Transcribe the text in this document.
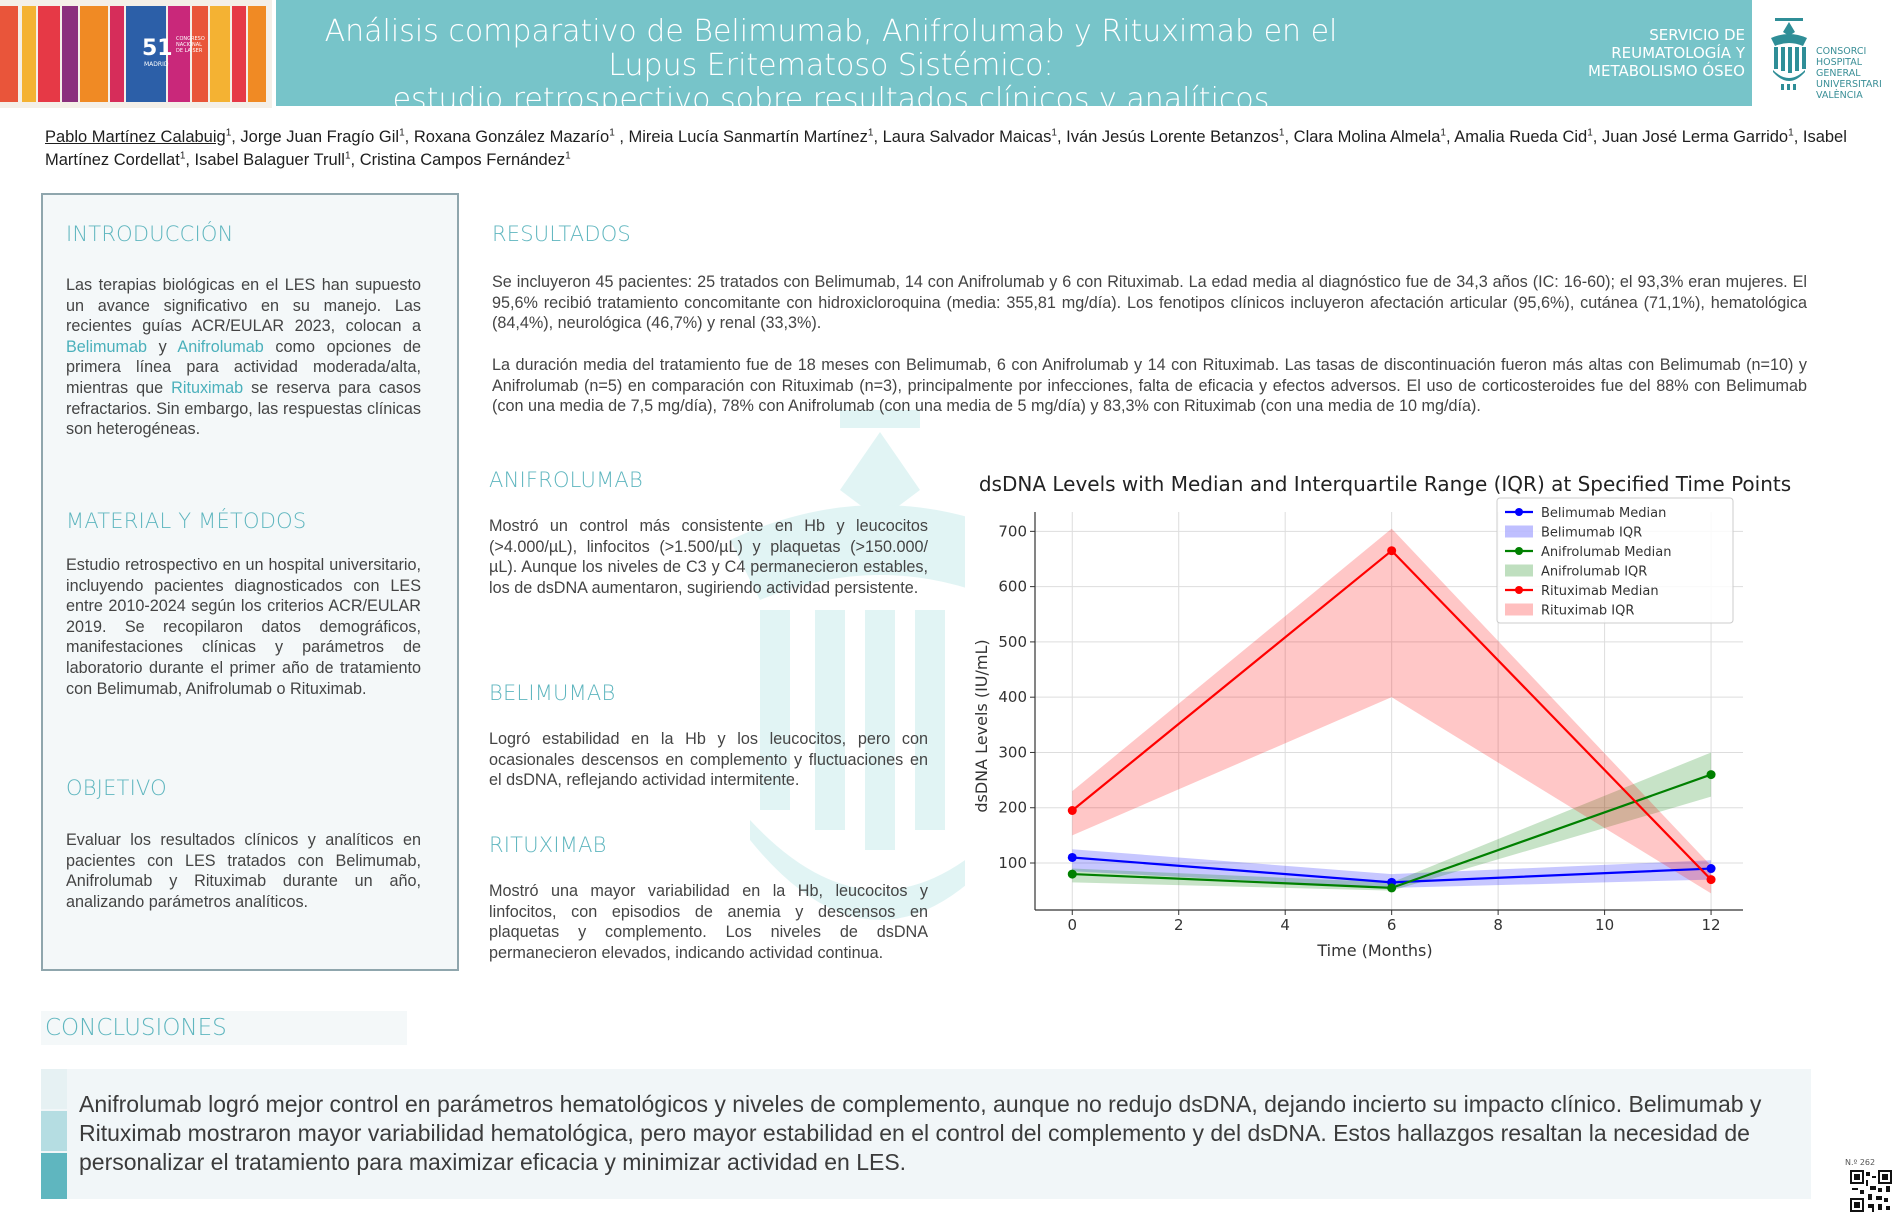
51
MADRID
CONGRESO NACIONAL DE LA SER
Análisis comparativo de Belimumab, Anifrolumab y Rituximab en el Lupus Eritematoso Sistémico:
estudio retrospectivo sobre resultados clínicos y analíticos
SERVICIO DE
REUMATOLOGÍA Y
METABOLISMO ÓSEO
CONSORCI
HOSPITAL GENERAL
UNIVERSITARI
VALÈNCIA
Pablo Martínez Calabuig$^1$, Jorge Juan Fragío Gil$^1$, Roxana González Mazarío$^1$ , Mireia Lucía Sanmartín Martínez$^1$, Laura Salvador Maicas$^1$, Iván Jesús Lorente Betanzos$^1$, Clara Molina Almela$^1$, Amalia Rueda Cid$^1$, Juan José Lerma Garrido$^1$, Isabel Martínez Cordellat$^1$, Isabel Balaguer Trull$^1$, Cristina Campos Fernández$^1$
INTRODUCCIÓN
Las terapias biológicas en el LES han supuesto un avance significativo en su manejo. Las recientes guías ACR/EULAR 2023, colocan a Belimumab y Anifrolumab como opciones de primera línea para actividad moderada/alta, mientras que Rituximab se reserva para casos refractarios. Sin embargo, las respuestas clínicas son heterogéneas.
MATERIAL Y MÉTODOS
Estudio retrospectivo en un hospital universitario, incluyendo pacientes diagnosticados con LES entre 2010-2024 según los criterios ACR/EULAR 2019. Se recopilaron datos demográficos, manifestaciones clínicas y parámetros de laboratorio durante el primer año de tratamiento con Belimumab, Anifrolumab o Rituximab.
OBJETIVO
Evaluar los resultados clínicos y analíticos en pacientes con LES tratados con Belimumab, Anifrolumab y Rituximab durante un año, analizando parámetros analíticos.
RESULTADOS
Se incluyeron 45 pacientes: 25 tratados con Belimumab, 14 con Anifrolumab y 6 con Rituximab. La edad media al diagnóstico fue de 34,3 años (IC: 16-60); el 93,3% eran mujeres. El 95,6% recibió tratamiento concomitante con hidroxicloroquina (media: 355,81 mg/día). Los fenotipos clínicos incluyeron afectación articular (95,6%), cutánea (71,1%), hematológica (84,4%), neurológica (46,7%) y renal (33,3%).
La duración media del tratamiento fue de 18 meses con Belimumab, 6 con Anifrolumab y 14 con Rituximab. Las tasas de discontinuación fueron más altas con Belimumab (n=10) y Anifrolumab (n=5) en comparación con Rituximab (n=3), principalmente por infecciones, falta de eficacia y efectos adversos. El uso de corticosteroides fue del 88% con Belimumab (con una media de 7,5 mg/día), 78% con Anifrolumab (con una media de 5 mg/día) y 83,3% con Rituximab (con una media de 10 mg/día).
ANIFROLUMAB
Mostró un control más consistente en Hb y leucocitos (>4.000/µL), linfocitos (>1.500/µL) y plaquetas (>150.000/µL). Aunque los niveles de C3 y C4 permanecieron estables, los de dsDNA aumentaron, sugiriendo actividad persistente.
BELIMUMAB
Logró estabilidad en la Hb y los leucocitos, pero con ocasionales descensos en complemento y fluctuaciones en el dsDNA, reflejando actividad intermitente.
RITUXIMAB
Mostró una mayor variabilidad en la Hb, leucocitos y linfocitos, con episodios de anemia y descensos en plaquetas y complemento. Los niveles de dsDNA permanecieron elevados, indicando actividad continua.
dsDNA Levels with Median and Interquartile Range (IQR) at Specified Time Points
0	2	4	6	8	10	12
100
200
300
400
500
600
700
Belimumab Median
Belimumab IQR
Anifrolumab Median
Anifrolumab IQR
Rituximab Median
Rituximab IQR
Time (Months)
dsDNA Levels (IU/mL)
CONCLUSIONES
Anifrolumab logró mejor control en parámetros hematológicos y niveles de complemento, aunque no redujo dsDNA, dejando incierto su impacto clínico. Belimumab y Rituximab mostraron mayor variabilidad hematológica, pero mayor estabilidad en el control del complemento y del dsDNA. Estos hallazgos resaltan la necesidad de personalizar el tratamiento para maximizar eficacia y minimizar actividad en LES.	N.º 262
